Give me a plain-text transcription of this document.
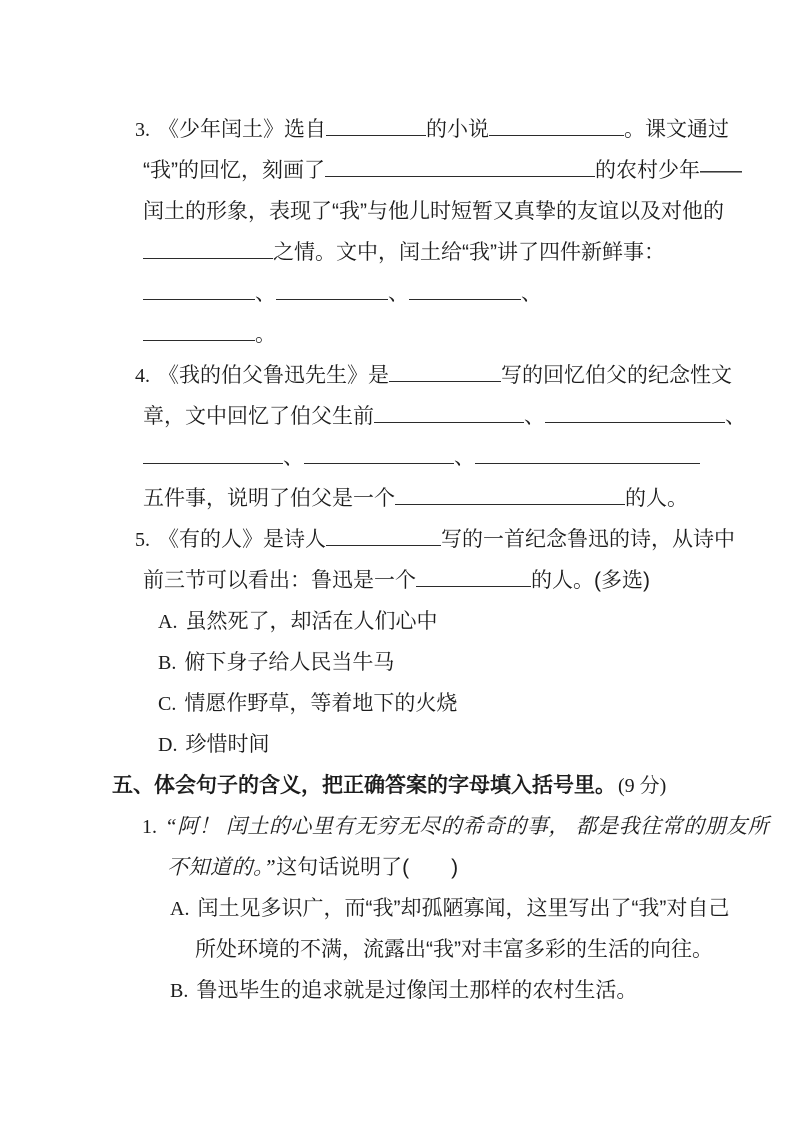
3. 《少年闰土》选自	的小说	。课文通过
“我”的回忆，刻画了	的农村少年——
闰土的形象，表现了“我”与他儿时短暂又真挚的友谊以及对他的
之情。文中，闰土给“我”讲了四件新鲜事：
、	、	、
。
4. 《我的伯父鲁迅先生》是	写的回忆伯父的纪念性文
章，文中回忆了伯父生前	、	、
、	、
五件事，说明了伯父是一个	的人。
5. 《有的人》是诗人	写的一首纪念鲁迅的诗，从诗中
前三节可以看出：鲁迅是一个	的人。(多选)
A. 虽然死了，却活在人们心中
B. 俯下身子给人民当牛马
C. 情愿作野草，等着地下的火烧
D. 珍惜时间
五、体会句子的含义，把正确答案的字母填入括号里。 (9 分)
1. “阿！ 闰土的心里有无穷无尽的希奇的事， 都是我往常的朋友所
不知道的。”这句话说明了(　　)
A. 闰土见多识广，而“我”却孤陋寡闻，这里写出了“我”对自己
所处环境的不满，流露出“我”对丰富多彩的生活的向往。
B. 鲁迅毕生的追求就是过像闰土那样的农村生活。
